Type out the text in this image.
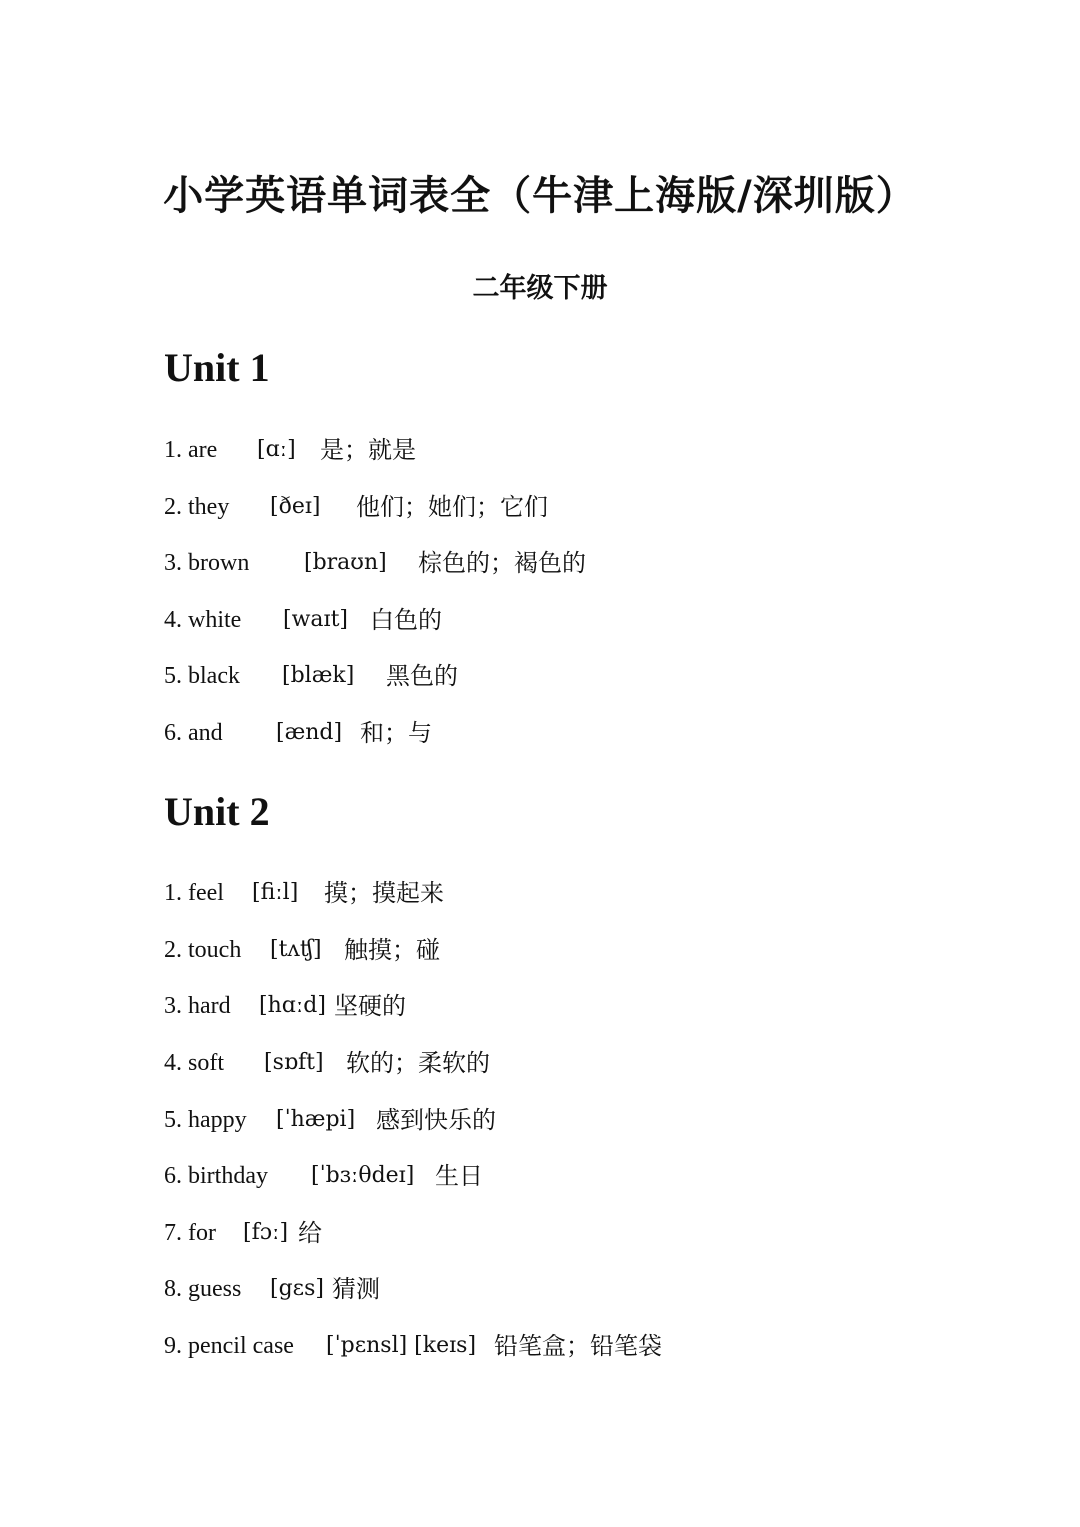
小学英语单词表全（牛津上海版/深圳版）
二年级下册
Unit 1
1. are [ɑː] 是；就是
2. they [ðeɪ] 他们；她们；它们
3. brown [braʊn] 棕色的；褐色的
4. white [waɪt] 白色的
5. black [blæk] 黑色的
6. and [ænd] 和；与
Unit 2
1. feel [fiːl] 摸；摸起来
2. touch [tʌʧ] 触摸；碰
3. hard [hɑːd] 坚硬的
4. soft [sɒft] 软的；柔软的
5. happy [ˈhæpi] 感到快乐的
6. birthday [ˈbɜːθdeɪ] 生日
7. for [fɔː] 给
8. guess [gɛs] 猜测
9. pencil case [ˈpɛnsl] [keɪs] 铅笔盒；铅笔袋
